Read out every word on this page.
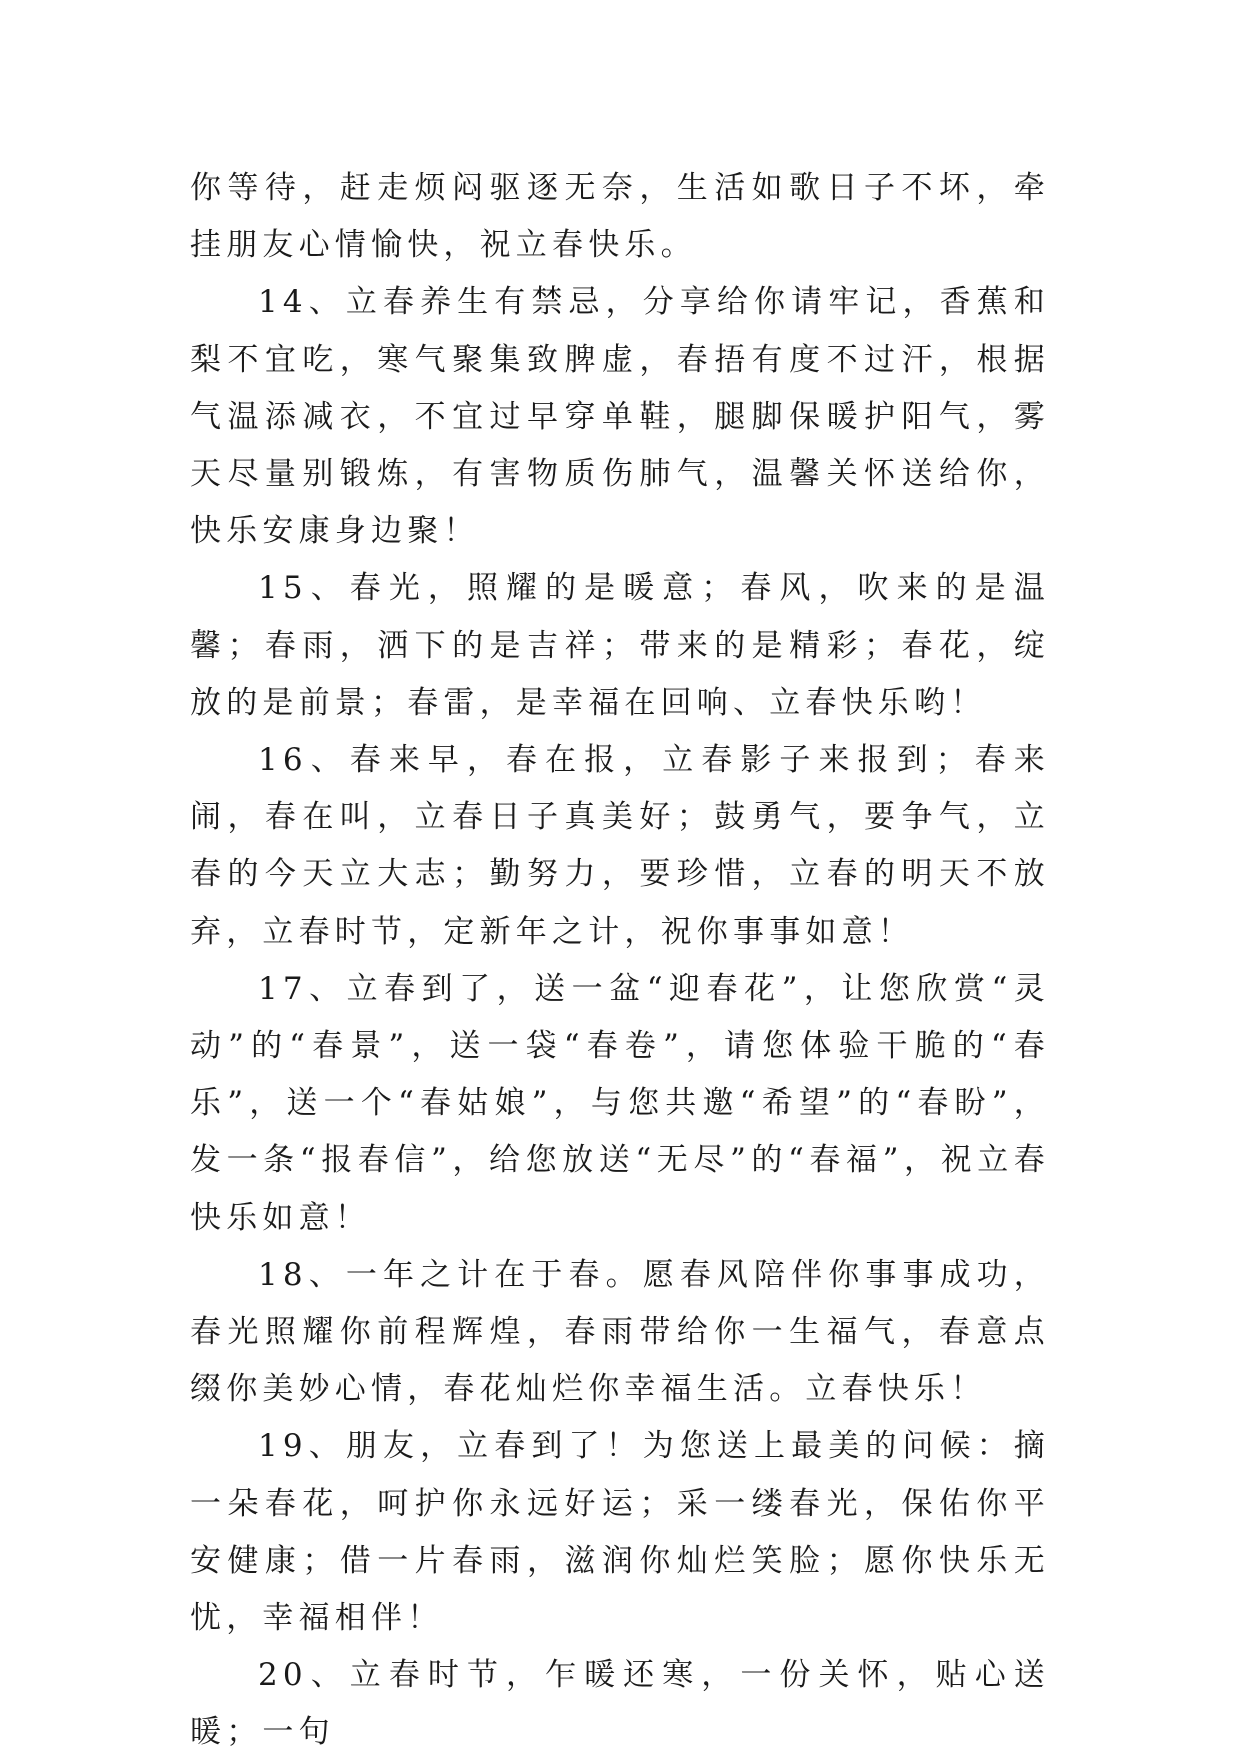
你等待，赶走烦闷驱逐无奈，生活如歌日子不坏，牵挂朋友心情愉快，祝立春快乐。

14、立春养生有禁忌，分享给你请牢记，香蕉和梨不宜吃，寒气聚集致脾虚，春捂有度不过汗，根据气温添减衣，不宜过早穿单鞋，腿脚保暖护阳气，雾天尽量别锻炼，有害物质伤肺气，温馨关怀送给你，快乐安康身边聚！

15、春光，照耀的是暖意；春风，吹来的是温馨；春雨，洒下的是吉祥；带来的是精彩；春花，绽放的是前景；春雷，是幸福在回响、立春快乐哟！

16、春来早，春在报，立春影子来报到；春来闹，春在叫，立春日子真美好；鼓勇气，要争气，立春的今天立大志；勤努力，要珍惜，立春的明天不放弃，立春时节，定新年之计，祝你事事如意！

17、立春到了，送一盆“迎春花”，让您欣赏“灵动”的“春景”，送一袋“春卷”，请您体验干脆的“春乐”，送一个“春姑娘”，与您共邀“希望”的“春盼”，发一条“报春信”，给您放送“无尽”的“春福”，祝立春快乐如意！

18、一年之计在于春。愿春风陪伴你事事成功，春光照耀你前程辉煌，春雨带给你一生福气，春意点缀你美妙心情，春花灿烂你幸福生活。立春快乐！

19、朋友，立春到了！为您送上最美的问候：摘一朵春花，呵护你永远好运；采一缕春光，保佑你平安健康；借一片春雨，滋润你灿烂笑脸；愿你快乐无忧，幸福相伴！

20、立春时节，乍暖还寒，一份关怀，贴心送暖；一句
